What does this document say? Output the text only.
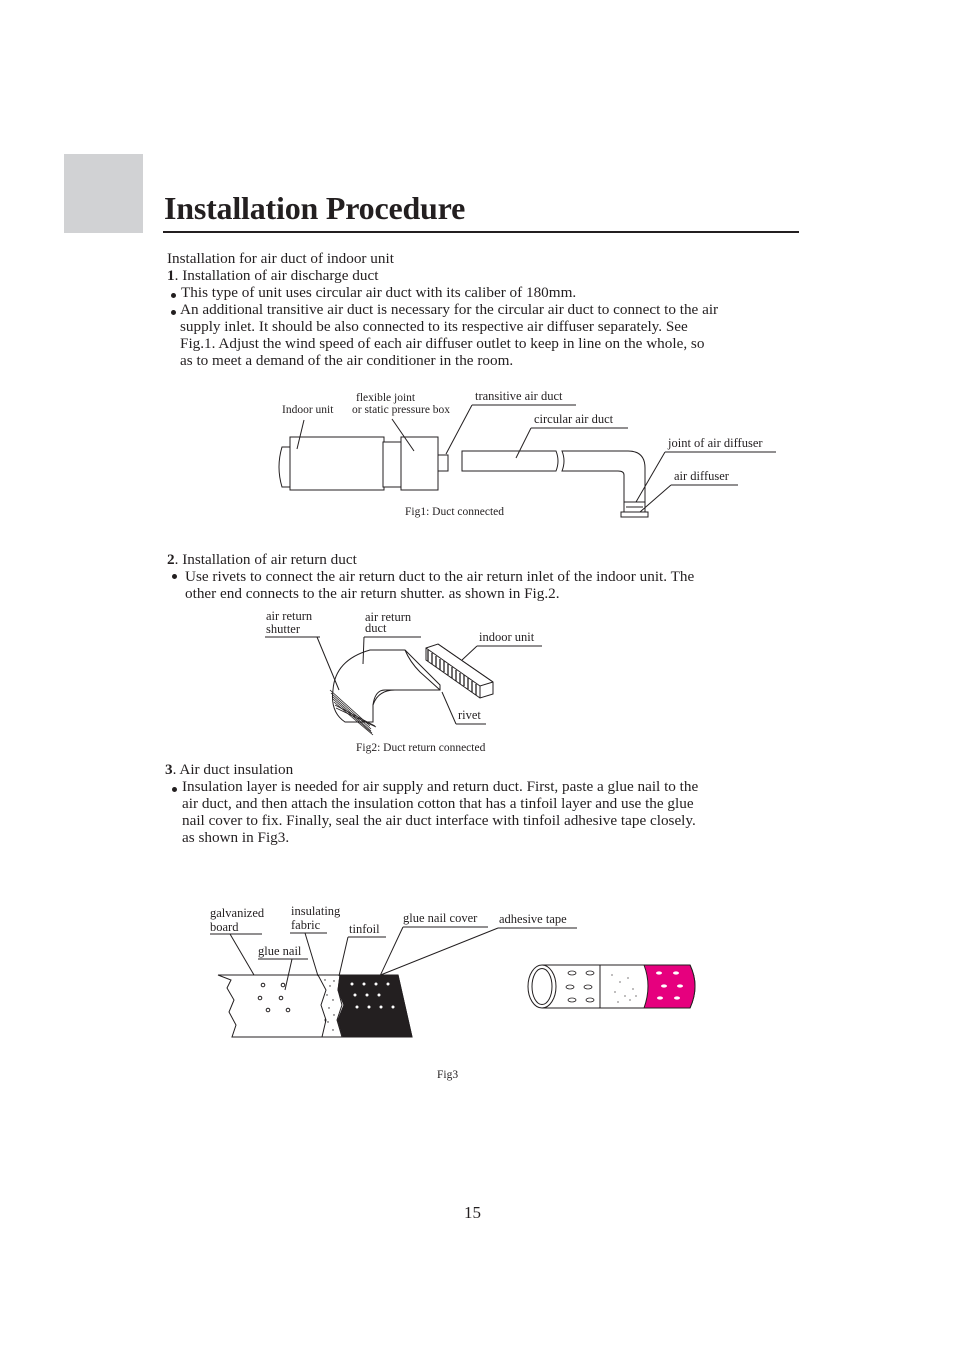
Installation Procedure
Installation for air duct of indoor unit
1. Installation of air discharge duct
This type of unit uses circular air duct with its caliber of 180mm.
An additional transitive air duct is necessary for the circular air duct to connect to the air
supply inlet. It should be also connected to its respective air diffuser separately. See
Fig.1. Adjust the wind speed of each air diffuser outlet to keep in line on the whole, so
as to meet a demand of the air conditioner in the room.
Indoor unit
flexible joint
or static pressure box
transitive air duct
circular air duct
joint of air diffuser
air diffuser
Fig1: Duct connected
2. Installation of air return duct
Use rivets to connect the air return duct to the air return inlet of the indoor unit. The
other end connects to the air return shutter. as shown in Fig.2.
air return
shutter
air return
duct
indoor unit
rivet
Fig2: Duct return connected
3. Air duct insulation
Insulation layer is needed for air supply and return duct. First, paste a glue nail to the
air duct, and then attach the insulation cotton that has a tinfoil layer and use the glue
nail cover to fix. Finally, seal the air duct interface with tinfoil adhesive tape closely.
as shown in Fig3.
galvanized
board
insulating
fabric tinfoil
glue nail cover adhesive tape
glue nail
Fig3
15
